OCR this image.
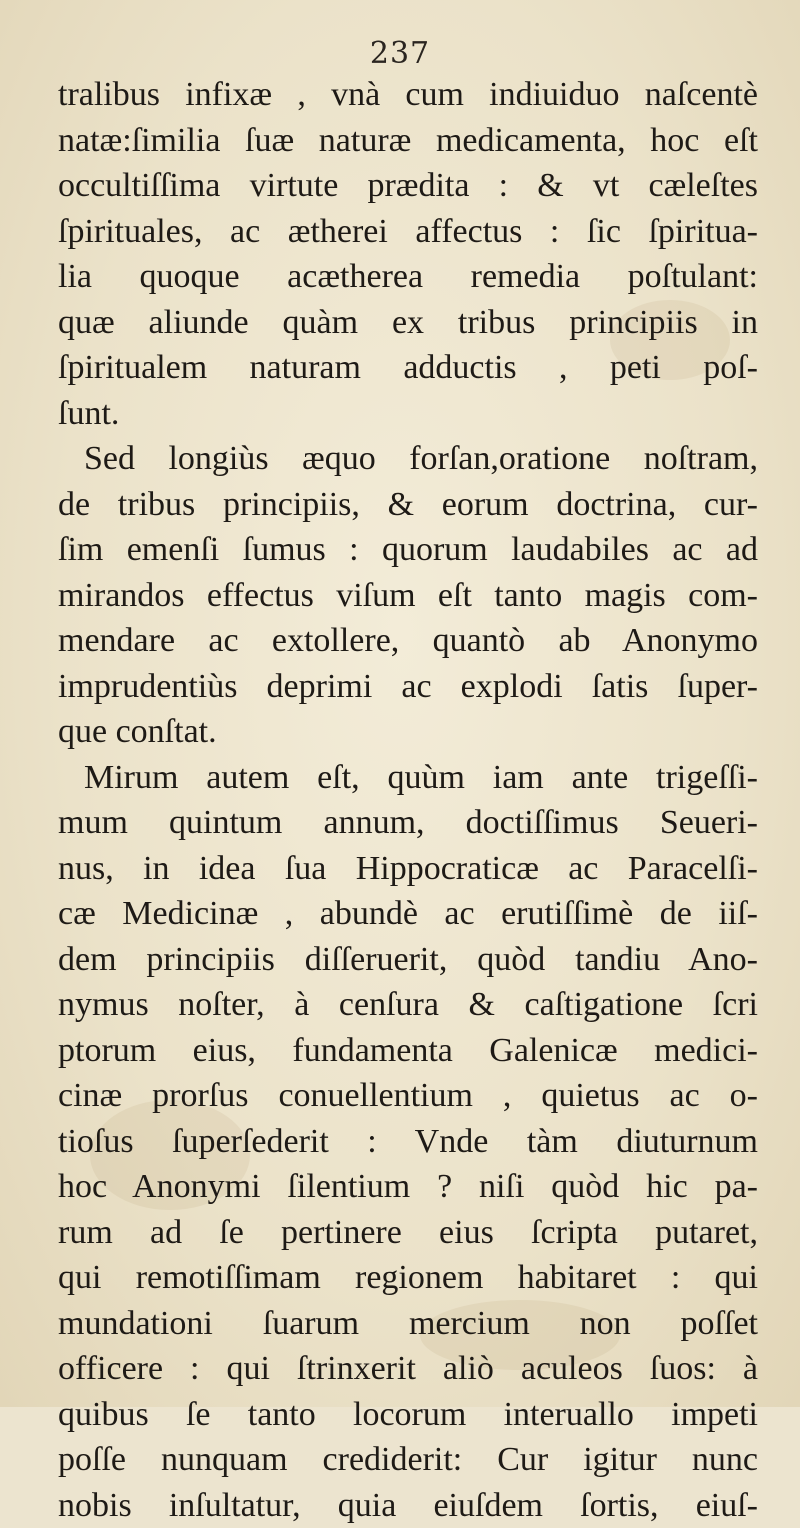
237
tralibus infixæ , vnà cum indiuiduo naſcentè
natæ:ſimilia ſuæ naturæ medicamenta, hoc eſt
occultiſſima virtute prædita : & vt cæleſtes
ſpirituales, ac ætherei affectus : ſic ſpiritua-
lia quoque acætherea remedia poſtulant:
quæ aliunde quàm ex tribus principiis in
ſpiritualem naturam adductis , peti poſ-
ſunt.
Sed longiùs æquo forſan,oratione noſtram,
de tribus principiis, & eorum doctrina, cur-
ſim emenſi ſumus : quorum laudabiles ac ad
mirandos effectus viſum eſt tanto magis com-
mendare ac extollere, quantò ab Anonymo
imprudentiùs deprimi ac explodi ſatis ſuper-
que conſtat.
Mirum autem eſt, quùm iam ante trigeſſi-
mum quintum annum, doctiſſimus Seueri-
nus, in idea ſua Hippocraticæ ac Paracelſi-
cæ Medicinæ , abundè ac erutiſſimè de iiſ-
dem principiis diſſeruerit, quòd tandiu Ano-
nymus noſter, à cenſura & caſtigatione ſcri
ptorum eius, fundamenta Galenicæ medici-
cinæ prorſus conuellentium , quietus ac o-
tioſus ſuperſederit : Vnde tàm diuturnum
hoc Anonymi ſilentium ? niſi quòd hic pa-
rum ad ſe pertinere eius ſcripta putaret,
qui remotiſſimam regionem habitaret : qui
mundationi ſuarum mercium non poſſet
officere : qui ſtrinxerit aliò aculeos ſuos: à
quibus ſe tanto locorum interuallo impeti
poſſe nunquam crediderit: Cur igitur nunc
nobis inſultatur, quia eiuſdem ſortis, eiuſ-
